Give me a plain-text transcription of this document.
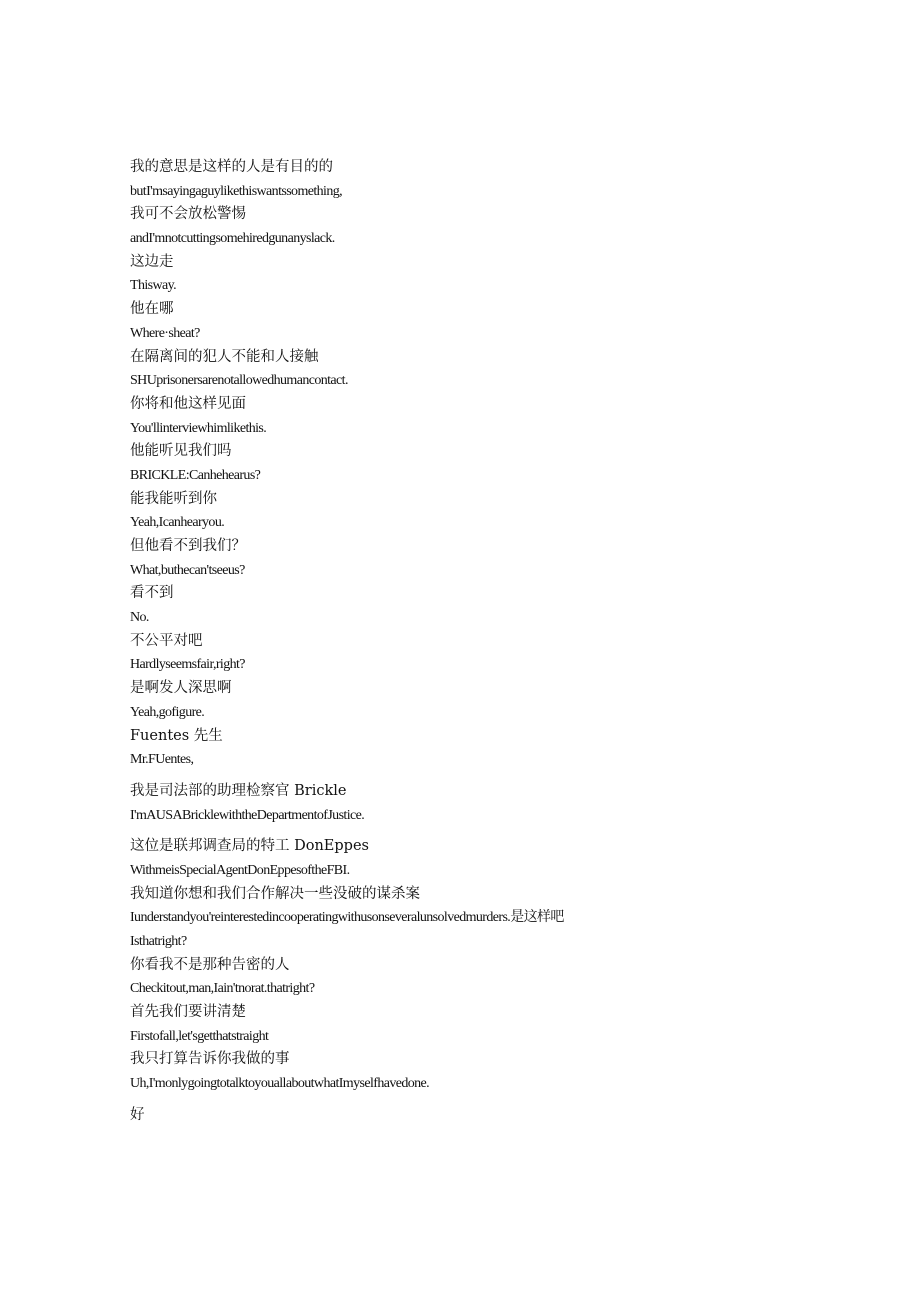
我的意思是这样的人是有目的的
butI'msayingaguylikethiswantssomething,
我可不会放松警惕
andI'mnotcuttingsomehiredgunanyslack.
这边走
Thisway.
他在哪
Where·sheat?
在隔离间的犯人不能和人接触
SHUprisonersarenotallowedhumancontact.
你将和他这样见面
You'llinterviewhimlikethis.
他能听见我们吗
BRICKLE:Canhehearus?
能我能听到你
Yeah,Icanhearyou.
但他看不到我们？
What,buthecan'tseeus?
看不到
No.
不公平对吧
Hardlyseemsfair,right?
是啊发人深思啊
Yeah,gofigure.
Fuentes 先生
Mr.FUentes,
我是司法部的助理检察官 Brickle
I'mAUSABricklewiththeDepartmentofJustice.
这位是联邦调查局的特工 DonEppes
WithmeisSpecialAgentDonEppesoftheFBI.
我知道你想和我们合作解决一些没破的谋杀案
Iunderstandyou'reinterestedincooperatingwithusonseveralunsolvedmurders.是这样吧
Isthatright?
你看我不是那种告密的人
Checkitout,man,Iain'tnorat.thatright?
首先我们要讲清楚
Firstofall,let'sgetthatstraight
我只打算告诉你我做的事
Uh,I'monlygoingtotalktoyouallaboutwhatImyselfhavedone.
好
